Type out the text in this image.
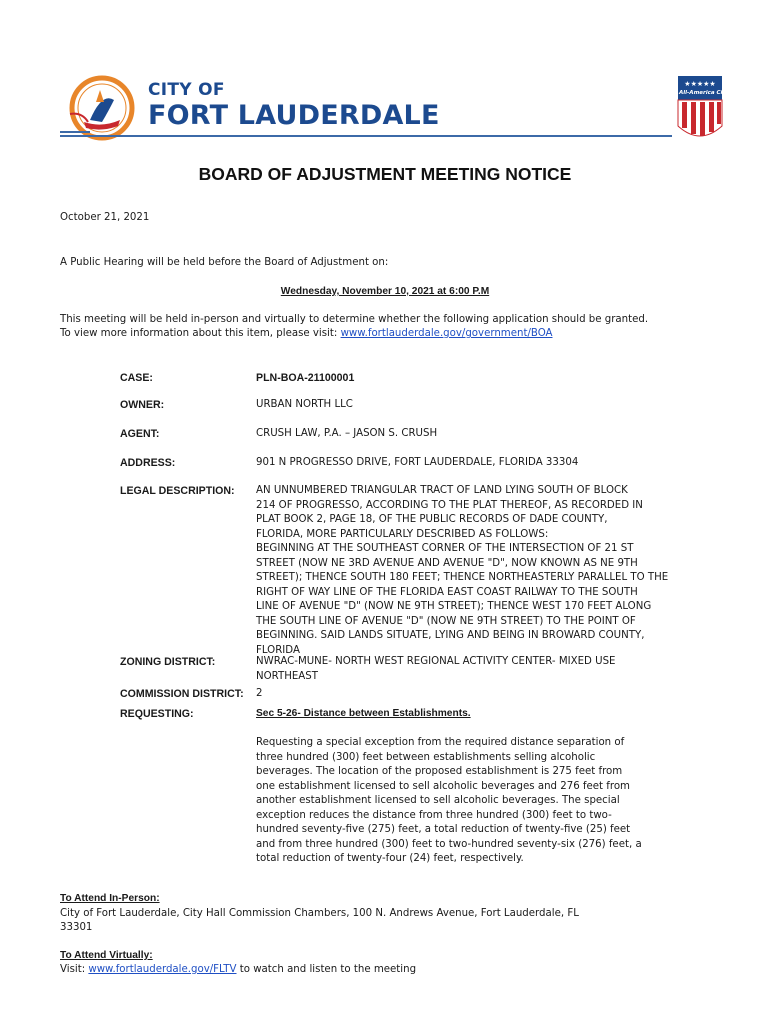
CITY OF
FORT LAUDERDALE
★★★★★
All-America City
BOARD OF ADJUSTMENT MEETING NOTICE
October 21, 2021
A Public Hearing will be held before the Board of Adjustment on:
Wednesday, November 10, 2021 at 6:00 P.M
This meeting will be held in-person and virtually to determine whether the following application should be granted.
To view more information about this item, please visit: www.fortlauderdale.gov/government/BOA
CASE:	PLN-BOA-21100001
OWNER:	URBAN NORTH LLC
AGENT:	CRUSH LAW, P.A. – JASON S. CRUSH
ADDRESS:	901 N PROGRESSO DRIVE, FORT LAUDERDALE, FLORIDA 33304
LEGAL DESCRIPTION: AN UNNUMBERED TRIANGULAR TRACT OF LAND LYING SOUTH OF BLOCK
214 OF PROGRESSO, ACCORDING TO THE PLAT THEREOF, AS RECORDED IN
PLAT BOOK 2, PAGE 18, OF THE PUBLIC RECORDS OF DADE COUNTY,
FLORIDA, MORE PARTICULARLY DESCRIBED AS FOLLOWS:
BEGINNING AT THE SOUTHEAST CORNER OF THE INTERSECTION OF 21 ST
STREET (NOW NE 3RD AVENUE AND AVENUE "D", NOW KNOWN AS NE 9TH
STREET); THENCE SOUTH 180 FEET; THENCE NORTHEASTERLY PARALLEL TO THE
RIGHT OF WAY LINE OF THE FLORIDA EAST COAST RAILWAY TO THE SOUTH
LINE OF AVENUE "D" (NOW NE 9TH STREET); THENCE WEST 170 FEET ALONG
THE SOUTH LINE OF AVENUE "D" (NOW NE 9TH STREET) TO THE POINT OF
BEGINNING. SAID LANDS SITUATE, LYING AND BEING IN BROWARD COUNTY,
FLORIDA
ZONING DISTRICT:	NWRAC-MUNE- NORTH WEST REGIONAL ACTIVITY CENTER- MIXED USE
NORTHEAST
COMMISSION DISTRICT: 2
REQUESTING:	Sec 5-26- Distance between Establishments.
Requesting a special exception from the required distance separation of
three hundred (300) feet between establishments selling alcoholic
beverages. The location of the proposed establishment is 275 feet from
one establishment licensed to sell alcoholic beverages and 276 feet from
another establishment licensed to sell alcoholic beverages. The special
exception reduces the distance from three hundred (300) feet to two-
hundred seventy-five (275) feet, a total reduction of twenty-five (25) feet
and from three hundred (300) feet to two-hundred seventy-six (276) feet, a
total reduction of twenty-four (24) feet, respectively.
To Attend In-Person:
City of Fort Lauderdale, City Hall Commission Chambers, 100 N. Andrews Avenue, Fort Lauderdale, FL
33301
To Attend Virtually:
Visit: www.fortlauderdale.gov/FLTV to watch and listen to the meeting
